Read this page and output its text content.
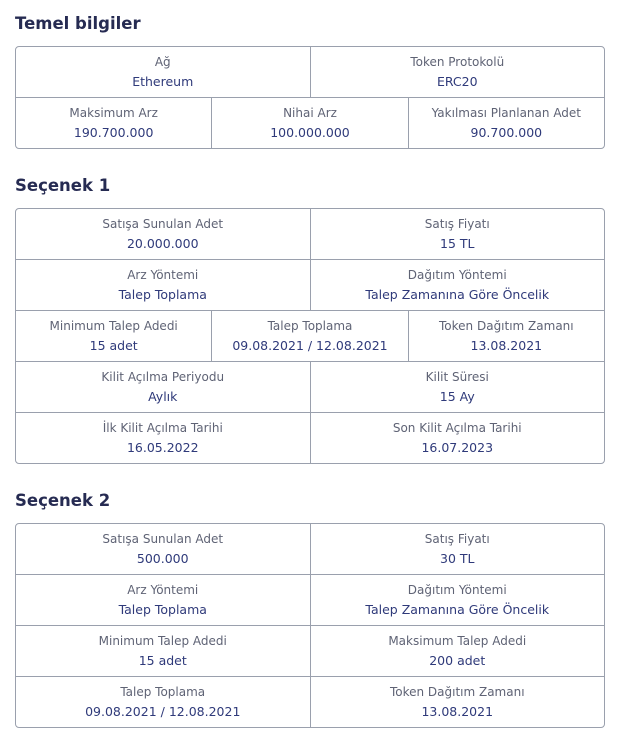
Temel bilgiler
Ağ
Ethereum
Token Protokolü
ERC20
Maksimum Arz
190.700.000
Nihai Arz
100.000.000
Yakılması Planlanan Adet
90.700.000
Seçenek 1
Satışa Sunulan Adet
20.000.000
Satış Fiyatı
15 TL
Arz Yöntemi
Talep Toplama
Dağıtım Yöntemi
Talep Zamanına Göre Öncelik
Minimum Talep Adedi
15 adet
Talep Toplama
09.08.2021 / 12.08.2021
Token Dağıtım Zamanı
13.08.2021
Kilit Açılma Periyodu
Aylık
Kilit Süresi
15 Ay
İlk Kilit Açılma Tarihi
16.05.2022
Son Kilit Açılma Tarihi
16.07.2023
Seçenek 2
Satışa Sunulan Adet
500.000
Satış Fiyatı
30 TL
Arz Yöntemi
Talep Toplama
Dağıtım Yöntemi
Talep Zamanına Göre Öncelik
Minimum Talep Adedi
15 adet
Maksimum Talep Adedi
200 adet
Talep Toplama
09.08.2021 / 12.08.2021
Token Dağıtım Zamanı
13.08.2021
